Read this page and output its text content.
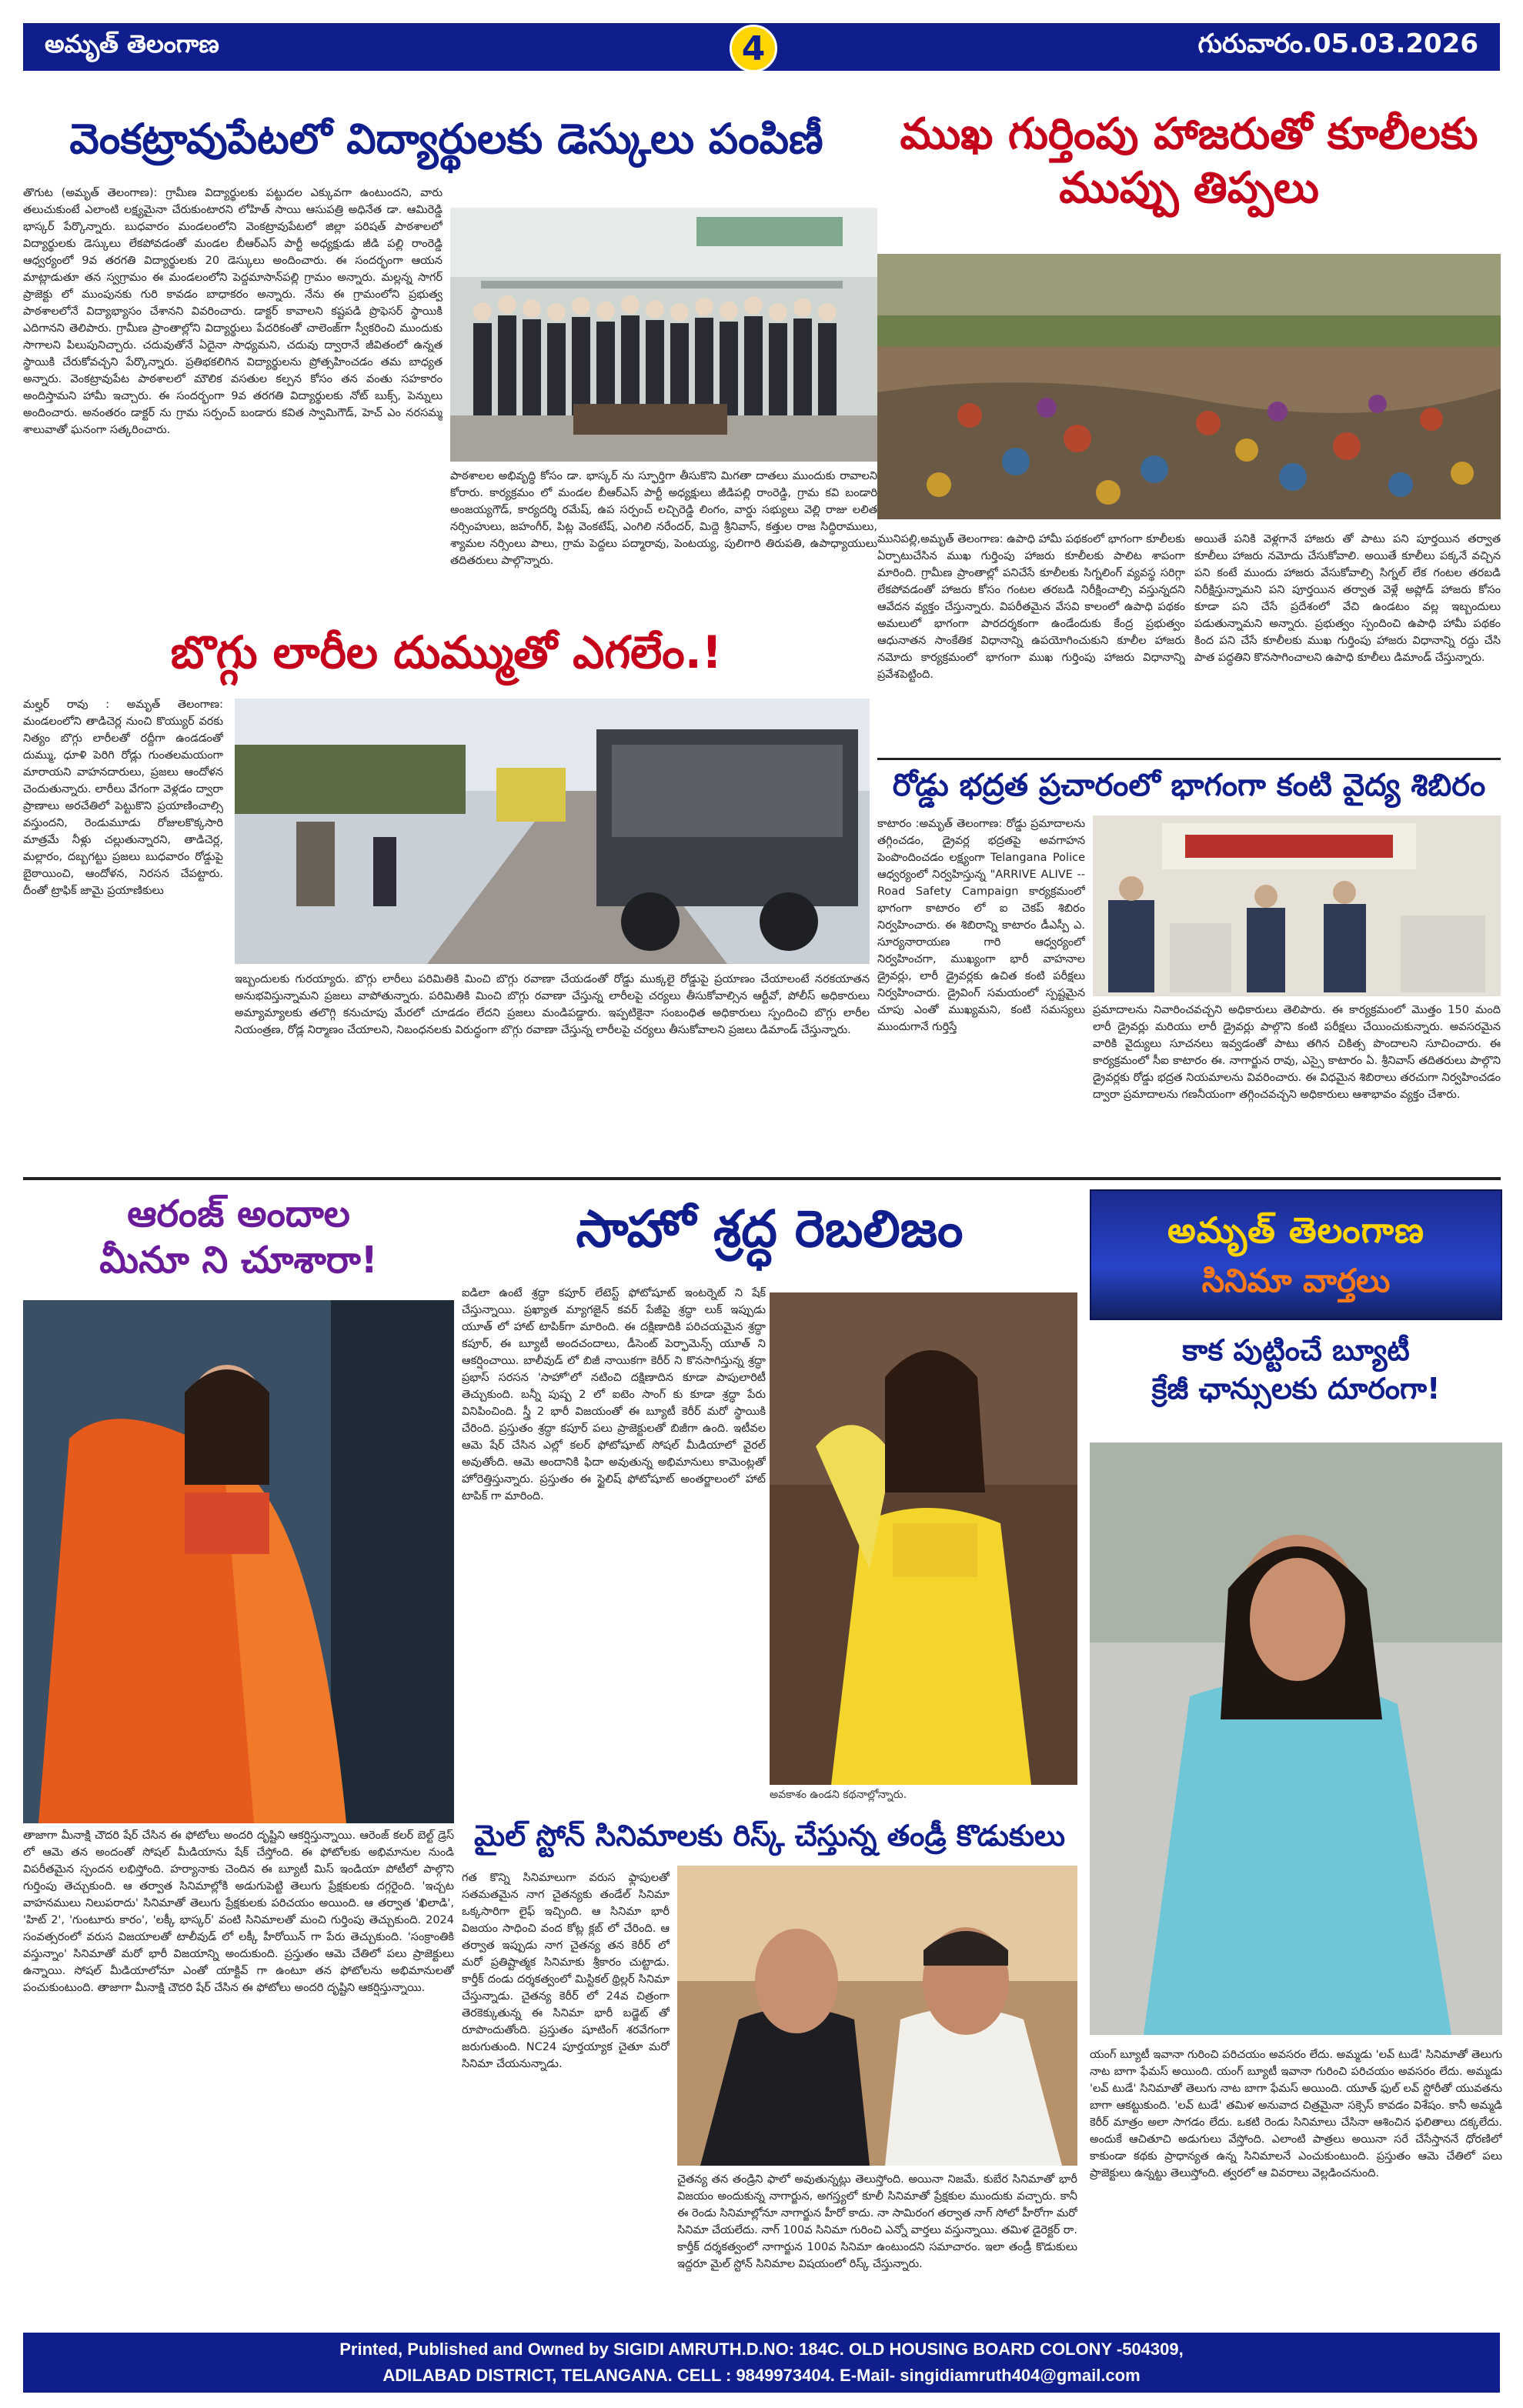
అమృత్ తెలంగాణ	గురువారం.05.03.2026
4
వెంకట్రావుపేటలో విద్యార్థులకు డెస్కులు పంపిణీ
తొగుట (అమృత్ తెలంగాణ): గ్రామీణ విద్యార్థులకు పట్టుదల ఎక్కువగా ఉంటుందని, వారు తలుచుకుంటే ఎలాంటి లక్ష్యమైనా చేరుకుంటారని లోహిత్ సాయి ఆసుపత్రి అధినేత డా. ఆమిరెడ్డి భాస్కర్ పేర్కొన్నారు. బుధవారం మండలంలోని వెంకట్రావుపేటలో జిల్లా పరిషత్ పాఠశాలలో విద్యార్థులకు డెస్కులు లేకపోవడంతో మండల బీఆర్ఎస్ పార్టీ అధ్యక్షుడు జీడి పల్లి రాంరెడ్డి ఆధ్వర్యంలో 9వ తరగతి విద్యార్థులకు 20 డెస్కులు అందించారు. ఈ సందర్భంగా ఆయన మాట్లాడుతూ తన స్వగ్రామం ఈ మండలంలోని పెద్దమాసాన్‌పల్లి గ్రామం అన్నారు. మల్లన్న సాగర్ ప్రాజెక్టు లో ముంపునకు గురి కావడం బాధాకరం అన్నారు. నేను ఈ గ్రామంలోని ప్రభుత్వ పాఠశాలలోనే విద్యాభ్యాసం చేశానని వివరించారు. డాక్టర్ కావాలని కష్టపడి ప్రొఫెసర్ స్థాయికి ఎదిగానని తెలిపారు. గ్రామీణ ప్రాంతాల్లోని విద్యార్థులు పేదరికంతో చాలెంజ్‌గా స్వీకరించి ముందుకు సాగాలని పిలుపునిచ్చారు. చదువుతోనే ఏదైనా సాధ్యమని, చదువు ద్వారానే జీవితంలో ఉన్నత స్థాయికి చేరుకోవచ్చని పేర్కొన్నారు. ప్రతిభకలిగిన విద్యార్థులను ప్రోత్సహించడం తమ బాధ్యత అన్నారు. వెంకట్రావుపేట పాఠశాలలో మౌలిక వసతుల కల్పన కోసం తన వంతు సహకారం అందిస్తామని హామీ ఇచ్చారు. ఈ సందర్భంగా 9వ తరగతి విద్యార్థులకు నోట్ బుక్స్, పెన్నులు అందించారు. అనంతరం డాక్టర్ ను గ్రామ సర్పంచ్ బండారు కవిత స్వామిగౌడ్, హెచ్ ఎం నరసమ్మ శాలువాతో ఘనంగా సత్కరించారు.
పాఠశాలల అభివృద్ధి కోసం డా. భాస్కర్ ను స్ఫూర్తిగా తీసుకొని మిగతా దాతలు ముందుకు రావాలని కోరారు. కార్యక్రమం లో మండల బీఆర్ఎస్ పార్టీ అధ్యక్షులు జీడిపల్లి రాంరెడ్డి, గ్రామ కవి బండారి అంజయ్యగౌడ్, కార్యదర్శి రమేష్, ఉప సర్పంచ్ లచ్చిరెడ్డి లింగం, వార్డు సభ్యులు వెల్లి రాజు లలిత నర్సింహులు, జహంగీర్, పిట్ల వెంకటేష్, ఎంగిలి నరేందర్, మిద్దె శ్రీనివాస్, కత్తుల రాజ సిద్ధిరాములు, శ్యామల నర్సింలు పాలు, గ్రామ పెద్దలు పద్మారావు, పెంటయ్య, పులిగారి తిరుపతి, ఉపాధ్యాయులు తదితరులు పాల్గొన్నారు.
ముఖ గుర్తింపు హాజరుతో కూలీలకు ముప్పు తిప్పలు
మునిపల్లి,అమృత్ తెలంగాణ: ఉపాధి హామీ పథకంలో భాగంగా కూలీలకు ఏర్పాటుచేసిన ముఖ గుర్తింపు హాజరు కూలీలకు పాలిట శాపంగా మారింది. గ్రామీణ ప్రాంతాల్లో పనిచేసే కూలీలకు సిగ్నలింగ్ వ్యవస్థ సరిగ్గా లేకపోవడంతో హాజరు కోసం గంటల తరబడి నిరీక్షించాల్సి వస్తున్నదని ఆవేదన వ్యక్తం చేస్తున్నారు. విపరీతమైన వేసవి కాలంలో ఉపాధి పథకం అమలులో భాగంగా పారదర్శకంగా ఉండేందుకు కేంద్ర ప్రభుత్వం ఆధునాతన సాంకేతిక విధానాన్ని ఉపయోగించుకుని కూలీల హాజరు నమోదు కార్యక్రమంలో భాగంగా ముఖ గుర్తింపు హాజరు విధానాన్ని ప్రవేశపెట్టింది.
అయితే పనికి వెళ్లగానే హాజరు తో పాటు పని పూర్తయిన తర్వాత కూలీలు హాజరు నమోదు చేసుకోవాలి. అయితే కూలీలు పక్కనే వచ్చిన పని కంటే ముందు హాజరు వేసుకోవాల్సి సిగ్నల్ లేక గంటల తరబడి నిరీక్షిస్తున్నామని పని పూర్తయిన తర్వాత వెళ్లే అప్లోడ్ హాజరు కోసం కూడా పని చేసే ప్రదేశంలో వేచి ఉండటం వల్ల ఇబ్బందులు పడుతున్నామని అన్నారు. ప్రభుత్వం స్పందించి ఉపాధి హామీ పథకం కింద పని చేసే కూలీలకు ముఖ గుర్తింపు హాజరు విధానాన్ని రద్దు చేసి పాత పద్ధతిని కొనసాగించాలని ఉపాధి కూలీలు డిమాండ్ చేస్తున్నారు.
బొగ్గు లారీల దుమ్ముతో ఎగలేం.!
మల్హర్ రావు : అమృత్ తెలంగాణ: మండలంలోని తాడిచెర్ల నుంచి కొయ్యుర్ వరకు నిత్యం బొగ్గు లారీలతో రద్దీగా ఉండడంతో దుమ్ము, ధూళి పెరిగి రోడ్లు గుంతలమయంగా మారాయని వాహనదారులు, ప్రజలు ఆందోళన చెందుతున్నారు. లారీలు వేగంగా వెళ్లడం ద్వారా ప్రాణాలు అరచేతిలో పెట్టుకొని ప్రయాణించాల్సి వస్తుందని, రెండుమూడు రోజులకొక్కసారి మాత్రమే నీళ్లు చల్లుతున్నారని, తాడిచెర్ల, మల్లారం, దబ్బగట్టు ప్రజలు బుధవారం రోడ్డుపై బైఠాయించి, ఆందోళన, నిరసన చేపట్టారు. దీంతో ట్రాఫిక్ జామై ప్రయాణికులు
ఇబ్బందులకు గురయ్యారు. బొగ్గు లారీలు పరిమితికి మించి బొగ్గు రవాణా చేయడంతో రోడ్డు ముక్కలై రోడ్డుపై ప్రయాణం చేయాలంటే నరకయాతన అనుభవిస్తున్నామని ప్రజలు వాపోతున్నారు. పరిమితికి మించి బొగ్గు రవాణా చేస్తున్న లారీలపై చర్యలు తీసుకోవాల్సిన ఆర్టీవో, పోలీస్ అధికారులు అమ్యామ్యాలకు తలొగ్గి కనుచూపు మేరలో చూడడం లేదని ప్రజలు మండిపడ్డారు. ఇప్పటికైనా సంబంధిత అధికారులు స్పందించి బొగ్గు లారీల నియంత్రణ, రోడ్ల నిర్మాణం చేయాలని, నిబంధనలకు విరుద్ధంగా బొగ్గు రవాణా చేస్తున్న లారీలపై చర్యలు తీసుకోవాలని ప్రజలు డిమాండ్ చేస్తున్నారు.
రోడ్డు భద్రత ప్రచారంలో భాగంగా కంటి వైద్య శిబిరం
కాటారం :అమృత్ తెలంగాణ: రోడ్డు ప్రమాదాలను తగ్గించడం, డ్రైవర్ల భద్రతపై అవగాహన పెంపొందించడం లక్ష్యంగా Telangana Police ఆధ్వర్యంలో నిర్వహిస్తున్న "ARRIVE ALIVE -- Road Safety Campaign కార్యక్రమంలో భాగంగా కాటారం లో ఐ చెకప్ శిబిరం నిర్వహించారు. ఈ శిబిరాన్ని కాటారం డీఎస్పీ ఎ. సూర్యనారాయణ గారి ఆధ్వర్యంలో నిర్వహించగా, ముఖ్యంగా భారీ వాహనాల డ్రైవర్లు, లారీ డ్రైవర్లకు ఉచిత కంటి పరీక్షలు నిర్వహించారు. డ్రైవింగ్ సమయంలో స్పష్టమైన చూపు ఎంతో ముఖ్యమని, కంటి సమస్యలు ముందుగానే గుర్తిస్తే
ప్రమాదాలను నివారించవచ్చని అధికారులు తెలిపారు. ఈ కార్యక్రమంలో మొత్తం 150 మంది లారీ డ్రైవర్లు మరియు లారీ డ్రైవర్లు పాల్గొని కంటి పరీక్షలు చేయించుకున్నారు. అవసరమైన వారికి వైద్యులు సూచనలు ఇవ్వడంతో పాటు తగిన చికిత్స పొందాలని సూచించారు. ఈ కార్యక్రమంలో సీఐ కాటారం ఈ. నాగార్జున రావు, ఎస్సై కాటారం ఏ. శ్రీనివాస్ తదితరులు పాల్గొని డ్రైవర్లకు రోడ్డు భద్రత నియమాలను వివరించారు. ఈ విధమైన శిబిరాలు తరచుగా నిర్వహించడం ద్వారా ప్రమాదాలను గణనీయంగా తగ్గించవచ్చని అధికారులు ఆశాభావం వ్యక్తం చేశారు.
ఆరంజ్ అందాల
మీనూ ని చూశారా!
తాజాగా మీనాక్షి చౌదరి షేర్ చేసిన ఈ ఫోటోలు అందరి దృష్టిని ఆకర్షిస్తున్నాయి. ఆరెంజ్ కలర్ బెల్ట్ డ్రెస్ లో ఆమె తన అందంతో సోషల్ మీడియాను షేక్ చేస్తోంది. ఈ ఫోటోలకు అభిమానుల నుండి విపరీతమైన స్పందన లభిస్తోంది. హర్యానాకు చెందిన ఈ బ్యూటీ మిస్ ఇండియా పోటీలో పాల్గొని గుర్తింపు తెచ్చుకుంది. ఆ తర్వాత సినిమాల్లోకి అడుగుపెట్టి తెలుగు ప్రేక్షకులకు దగ్గరైంది. 'ఇచ్చట వాహనములు నిలుపరాదు' సినిమాతో తెలుగు ప్రేక్షకులకు పరిచయం అయింది. ఆ తర్వాత 'ఖిలాడి', 'హిట్ 2', 'గుంటూరు కారం', 'లక్కీ భాస్కర్' వంటి సినిమాలతో మంచి గుర్తింపు తెచ్చుకుంది. 2024 సంవత్సరంలో వరుస విజయాలతో టాలీవుడ్ లో లక్కీ హీరోయిన్ గా పేరు తెచ్చుకుంది. 'సంక్రాంతికి వస్తున్నాం' సినిమాతో మరో భారీ విజయాన్ని అందుకుంది. ప్రస్తుతం ఆమె చేతిలో పలు ప్రాజెక్టులు ఉన్నాయి. సోషల్ మీడియాలోనూ ఎంతో యాక్టివ్ గా ఉంటూ తన ఫోటోలను అభిమానులతో పంచుకుంటుంది. తాజాగా మీనాక్షి చౌదరి షేర్ చేసిన ఈ ఫోటోలు అందరి దృష్టిని ఆకర్షిస్తున్నాయి.
సాహో శ్రద్ధ రెబలిజం
ఐడిలా ఉంటే శ్రద్ధా కపూర్ లేటెస్ట్ ఫోటోషూట్ ఇంటర్నెట్ ని షేక్ చేస్తున్నాయి. ప్రఖ్యాత మ్యాగజైన్ కవర్ పేజీపై శ్రద్ధా లుక్ ఇప్పుడు యూత్ లో హాట్ టాపిక్‌గా మారింది. ఈ దక్షిణాదికి పరిచయమైన శ్రద్ధా కపూర్, ఈ బ్యూటీ అందచందాలు, డీసెంట్ పెర్ఫామెన్స్ యూత్ ని ఆకర్షించాయి. బాలీవుడ్ లో బిజీ నాయికగా కెరీర్ ని కొనసాగిస్తున్న శ్రద్ధా ప్రభాస్ సరసన 'సాహో'లో నటించి దక్షిణాదిన కూడా పాపులారిటీ తెచ్చుకుంది. బన్నీ పుష్ప 2 లో ఐటెం సాంగ్ కు కూడా శ్రద్ధా పేరు వినిపించింది. స్త్రీ 2 భారీ విజయంతో ఈ బ్యూటీ కెరీర్ మరో స్థాయికి చేరింది. ప్రస్తుతం శ్రద్ధా కపూర్ పలు ప్రాజెక్టులతో బిజీగా ఉంది. ఇటీవల ఆమె షేర్ చేసిన ఎల్లో కలర్ ఫోటోషూట్ సోషల్ మీడియాలో వైరల్ అవుతోంది. ఆమె అందానికి ఫిదా అవుతున్న అభిమానులు కామెంట్లతో హోరెత్తిస్తున్నారు. ప్రస్తుతం ఈ స్టైలిష్ ఫోటోషూట్ అంతర్జాలంలో హాట్ టాపిక్ గా మారింది.
అవకాశం ఉండని కథనాల్లోన్నారు.
అమృత్ తెలంగాణ
సినిమా వార్తలు
కాక పుట్టించే బ్యూటీ
క్రేజీ ఛాన్సులకు దూరంగా!
యంగ్ బ్యూటీ ఇవానా గురించి పరిచయం అవసరం లేదు. అమ్మడు 'లవ్ టుడే' సినిమాతో తెలుగు నాట బాగా ఫేమస్ అయింది. యంగ్ బ్యూటీ ఇవానా గురించి పరిచయం అవసరం లేదు. అమ్మడు 'లవ్ టుడే' సినిమాతో తెలుగు నాట బాగా ఫేమస్ అయింది. యూత్ ఫుల్ లవ్ స్టోరీతో యువతను బాగా ఆకట్టుకుంది. 'లవ్ టుడే' తమిళ అనువాద చిత్రమైనా సక్సెస్ కావడం విశేషం. కానీ అమ్మడి కెరీర్ మాత్రం అలా సాగడం లేదు. ఒకటి రెండు సినిమాలు చేసినా ఆశించిన ఫలితాలు దక్కలేదు. అందుకే ఆచితూచి అడుగులు వేస్తోంది. ఎలాంటి పాత్రలు అయినా సరే చేసేస్తాననే ధోరణిలో కాకుండా కథకు ప్రాధాన్యత ఉన్న సినిమాలనే ఎంచుకుంటుంది. ప్రస్తుతం ఆమె చేతిలో పలు ప్రాజెక్టులు ఉన్నట్టు తెలుస్తోంది. త్వరలో ఆ వివరాలు వెల్లడించనుంది.
మైల్ స్టోన్ సినిమాలకు రిస్క్ చేస్తున్న తండ్రీ కొడుకులు
గత కొన్ని సినిమాలుగా వరుస ఫ్లాపులతో సతమతమైన నాగ చైతన్యకు తండేల్ సినిమా ఒక్కసారిగా లైఫ్ ఇచ్చింది. ఆ సినిమా భారీ విజయం సాధించి వంద కోట్ల క్లబ్ లో చేరింది. ఆ తర్వాత ఇప్పుడు నాగ చైతన్య తన కెరీర్ లో మరో ప్రతిష్టాత్మక సినిమాకు శ్రీకారం చుట్టాడు. కార్తీక్ దండు దర్శకత్వంలో మిస్టికల్ థ్రిల్లర్ సినిమా చేస్తున్నాడు. చైతన్య కెరీర్ లో 24వ చిత్రంగా తెరకెక్కుతున్న ఈ సినిమా భారీ బడ్జెట్ తో రూపొందుతోంది. ప్రస్తుతం షూటింగ్ శరవేగంగా జరుగుతుంది. NC24 పూర్తయ్యాక చైతూ మరో సినిమా చేయనున్నాడు.
చైతన్య తన తండ్రిని ఫాలో అవుతున్నట్లు తెలుస్తోంది. అయినా నిజమే. కుబేర సినిమాతో భారీ విజయం అందుకున్న నాగార్జున, అగస్త్యలో కూలీ సినిమాతో ప్రేక్షకుల ముందుకు వచ్చారు. కానీ ఈ రెండు సినిమాల్లోనూ నాగార్జున హీరో కాదు. నా సామిరంగ తర్వాత నాగ్ సోలో హీరోగా మరో సినిమా చేయలేదు. నాగ్ 100వ సినిమా గురించి ఎన్నో వార్తలు వస్తున్నాయి. తమిళ డైరెక్టర్ రా. కార్తీక్ దర్శకత్వంలో నాగార్జున 100వ సినిమా ఉంటుందని సమాచారం. ఇలా తండ్రీ కొడుకులు ఇద్దరూ మైల్ స్టోన్ సినిమాల విషయంలో రిస్క్ చేస్తున్నారు.
Printed, Published and Owned by SIGIDI AMRUTH.D.NO: 184C. OLD HOUSING BOARD COLONY -504309,
ADILABAD DISTRICT, TELANGANA. CELL : 9849973404. E-Mail- singidiamruth404@gmail.com
